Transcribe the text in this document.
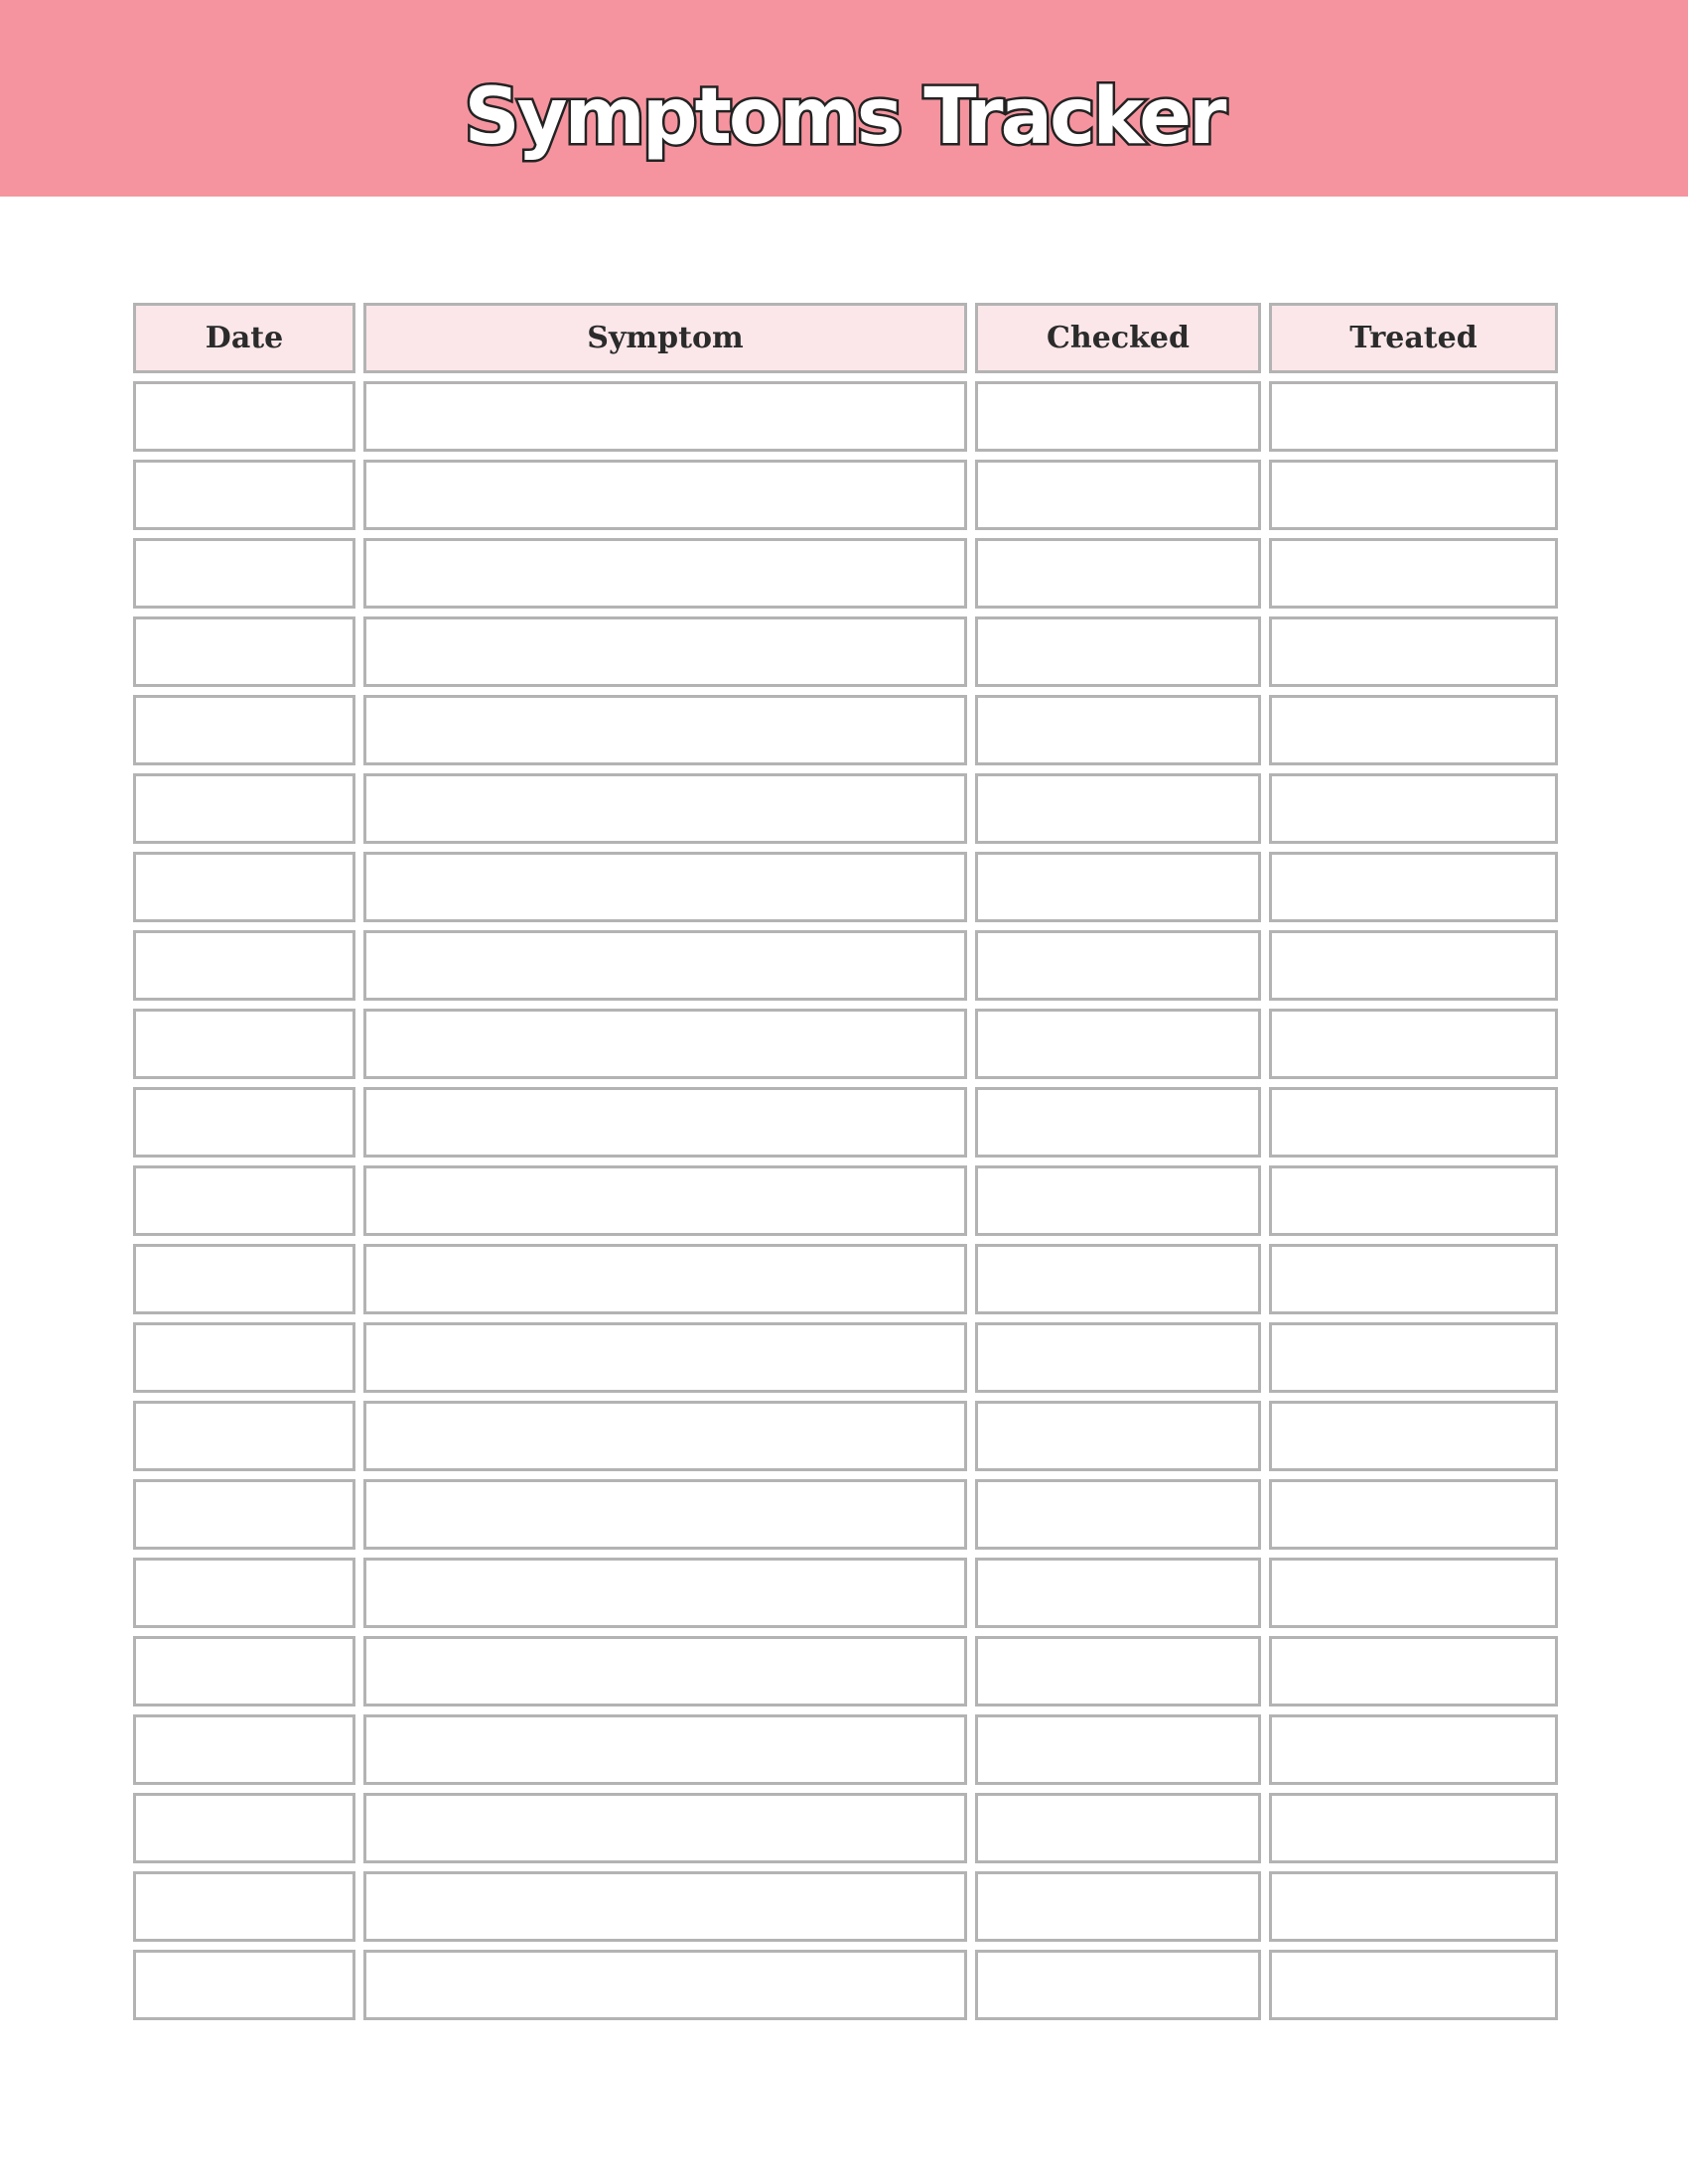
Symptoms Tracker
Date	Symptom	Checked	Treated
